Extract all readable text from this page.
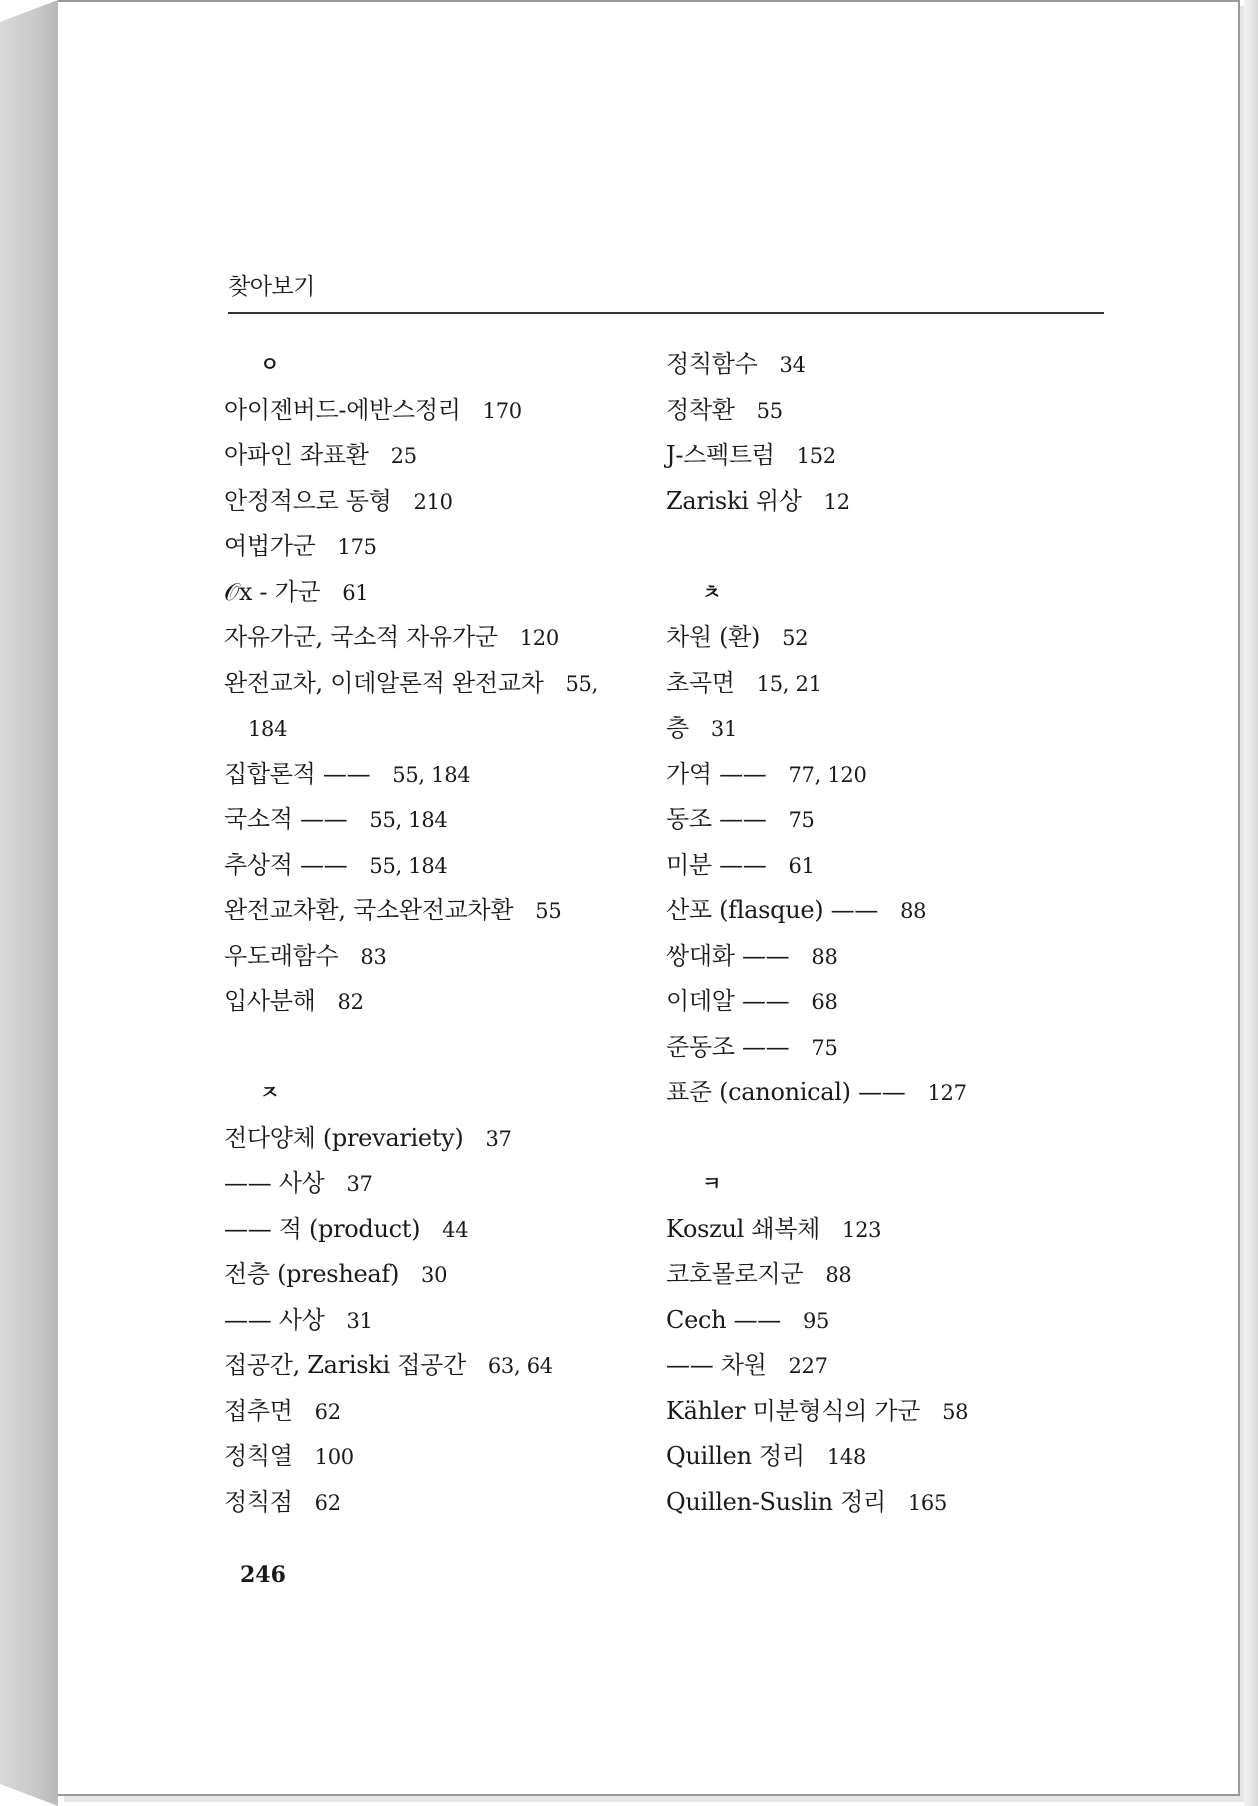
찾아보기
ㅇ
아이젠버드-에반스정리 170
아파인 좌표환 25
안정적으로 동형 210
여법가군 175
𝒪x - 가군 61
자유가군, 국소적 자유가군 120
완전교차, 이데알론적 완전교차 55,
184
집합론적 —— 55, 184
국소적 —— 55, 184
추상적 —— 55, 184
완전교차환, 국소완전교차환 55
우도래함수 83
입사분해 82
ㅈ
전다양체 (prevariety) 37
—— 사상 37
—— 적 (product) 44
전층 (presheaf) 30
—— 사상 31
접공간, Zariski 접공간 63, 64
접추면 62
정칙열 100
정칙점 62
정칙함수 34
정착환 55
J-스펙트럼 152
Zariski 위상 12
ㅊ
차원 (환) 52
초곡면 15, 21
층 31
가역 —— 77, 120
동조 —— 75
미분 —— 61
산포 (flasque) —— 88
쌍대화 —— 88
이데알 —— 68
준동조 —— 75
표준 (canonical) —— 127
ㅋ
Koszul 쇄복체 123
코호몰로지군 88
Cech —— 95
—— 차원 227
Kähler 미분형식의 가군 58
Quillen 정리 148
Quillen-Suslin 정리 165
246
